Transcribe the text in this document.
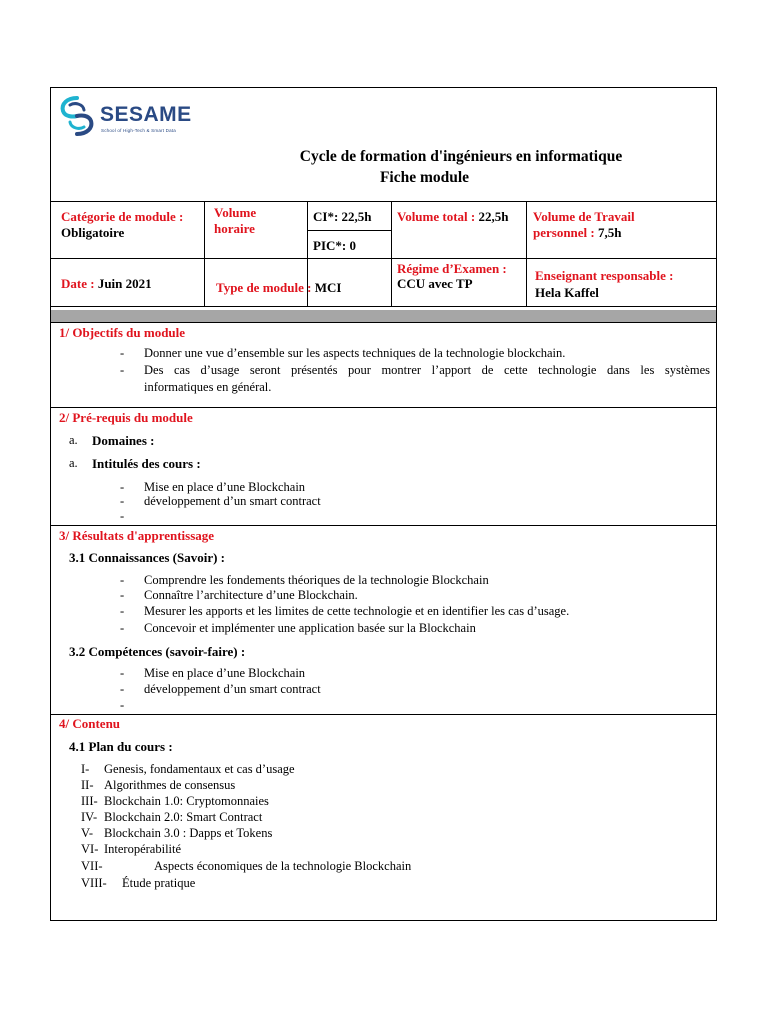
SESAME
School of High-Tech & Smart Data
Cycle de formation d'ingénieurs en informatique
Fiche module
Catégorie de module :
Obligatoire
Volume
horaire
CI*: 22,5h
PIC*: 0
Volume total : 22,5h Volume de Travail
personnel : 7,5h
Date : Juin 2021	Type de module : MCI
Régime d’Examen :
CCU avec TP
Enseignant responsable :
Hela Kaffel
1/ Objectifs du module
- Donner une vue d’ensemble sur les aspects techniques de la technologie blockchain.
- Des cas d’usage seront présentés pour montrer l’apport de cette technologie dans les systèmes
informatiques en général.
2/ Pré-requis du module
a. Domaines :
a. Intitulés des cours :
- Mise en place d’une Blockchain
- développement d’un smart contract
-
3/ Résultats d'apprentissage
3.1 Connaissances (Savoir) :
- Comprendre les fondements théoriques de la technologie Blockchain
- Connaître l’architecture d’une Blockchain.
- Mesurer les apports et les limites de cette technologie et en identifier les cas d’usage.
- Concevoir et implémenter une application basée sur la Blockchain
3.2 Compétences (savoir-faire) :
- Mise en place d’une Blockchain
- développement d’un smart contract
-
4/ Contenu
4.1 Plan du cours :
I- Genesis, fondamentaux et cas d’usage
II- Algorithmes de consensus
III- Blockchain 1.0: Cryptomonnaies
IV- Blockchain 2.0: Smart Contract
V- Blockchain 3.0 : Dapps et Tokens
VI- Interopérabilité
VII-	Aspects économiques de la technologie Blockchain
VIII- Étude pratique
